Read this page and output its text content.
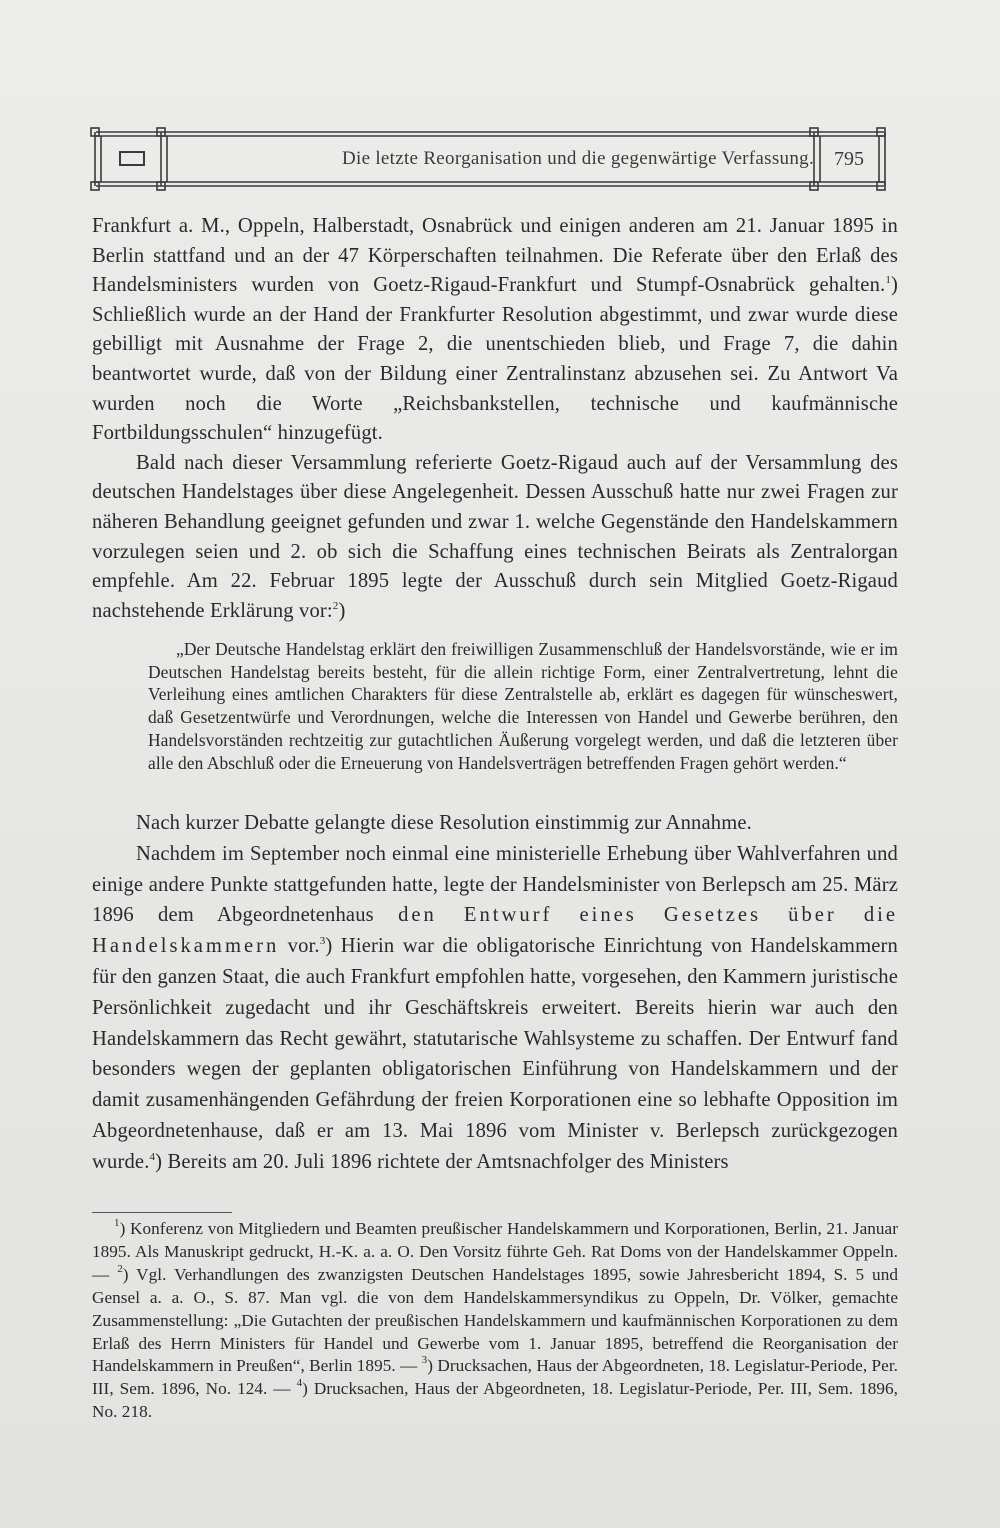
Die letzte Reorganisation und die gegenwärtige Verfassung. 795

Frankfurt a. M., Oppeln, Halberstadt, Osnabrück und einigen anderen am 21. Januar 1895 in Berlin stattfand und an der 47 Körperschaften teilnahmen. Die Referate über den Erlaß des Handelsministers wurden von Goetz-Rigaud-Frankfurt und Stumpf-Osnabrück gehalten.$^1$) Schließlich wurde an der Hand der Frankfurter Resolution abgestimmt, und zwar wurde diese gebilligt mit Ausnahme der Frage 2, die unentschieden blieb, und Frage 7, die dahin beantwortet wurde, daß von der Bildung einer Zentralinstanz abzusehen sei. Zu Antwort Va wurden noch die Worte „Reichsbankstellen, technische und kaufmännische Fortbildungsschulen“ hinzugefügt.

Bald nach dieser Versammlung referierte Goetz-Rigaud auch auf der Versammlung des deutschen Handelstages über diese Angelegenheit. Dessen Ausschuß hatte nur zwei Fragen zur näheren Behandlung geeignet gefunden und zwar 1. welche Gegenstände den Handelskammern vorzulegen seien und 2. ob sich die Schaffung eines technischen Beirats als Zentralorgan empfehle. Am 22. Februar 1895 legte der Ausschuß durch sein Mitglied Goetz-Rigaud nachstehende Erklärung vor:$^2$)

„Der Deutsche Handelstag erklärt den freiwilligen Zusammenschluß der Handelsvorstände, wie er im Deutschen Handelstag bereits besteht, für die allein richtige Form, einer Zentralvertretung, lehnt die Verleihung eines amtlichen Charakters für diese Zentralstelle ab, erklärt es dagegen für wünscheswert, daß Gesetzentwürfe und Verordnungen, welche die Interessen von Handel und Gewerbe berühren, den Handelsvorständen rechtzeitig zur gutachtlichen Äußerung vorgelegt werden, und daß die letzteren über alle den Abschluß oder die Erneuerung von Handelsverträgen betreffenden Fragen gehört werden.“

Nach kurzer Debatte gelangte diese Resolution einstimmig zur Annahme.

Nachdem im September noch einmal eine ministerielle Erhebung über Wahlverfahren und einige andere Punkte stattgefunden hatte, legte der Handelsminister von Berlepsch am 25. März 1896 dem Abgeordnetenhaus den Entwurf eines Gesetzes über die Handelskammern vor.$^3$) Hierin war die obligatorische Einrichtung von Handelskammern für den ganzen Staat, die auch Frankfurt empfohlen hatte, vorgesehen, den Kammern juristische Persönlichkeit zugedacht und ihr Geschäftskreis erweitert. Bereits hierin war auch den Handelskammern das Recht gewährt, statutarische Wahlsysteme zu schaffen. Der Entwurf fand besonders wegen der geplanten obligatorischen Einführung von Handelskammern und der damit zusamenhängenden Gefährdung der freien Korporationen eine so lebhafte Opposition im Abgeordnetenhause, daß er am 13. Mai 1896 vom Minister v. Berlepsch zurückgezogen wurde.$^4$) Bereits am 20. Juli 1896 richtete der Amtsnachfolger des Ministers

$^1$) Konferenz von Mitgliedern und Beamten preußischer Handelskammern und Korporationen, Berlin, 21. Januar 1895. Als Manuskript gedruckt, H.-K. a. a. O. Den Vorsitz führte Geh. Rat Doms von der Handelskammer Oppeln. — $^2$) Vgl. Verhandlungen des zwanzigsten Deutschen Handelstages 1895, sowie Jahresbericht 1894, S. 5 und Gensel a. a. O., S. 87. Man vgl. die von dem Handelskammersyndikus zu Oppeln, Dr. Völker, gemachte Zusammenstellung: „Die Gutachten der preußischen Handelskammern und kaufmännischen Korporationen zu dem Erlaß des Herrn Ministers für Handel und Gewerbe vom 1. Januar 1895, betreffend die Reorganisation der Handelskammern in Preußen“, Berlin 1895. — $^3$) Drucksachen, Haus der Abgeordneten, 18. Legislatur-Periode, Per. III, Sem. 1896, No. 124. — $^4$) Drucksachen, Haus der Abgeordneten, 18. Legislatur-Periode, Per. III, Sem. 1896, No. 218.
